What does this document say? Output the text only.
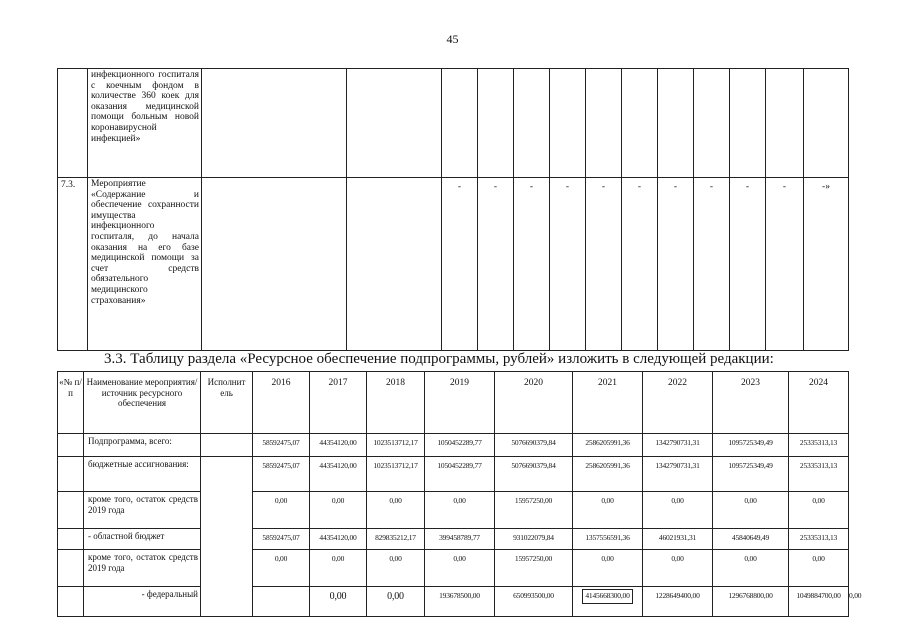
45
	инфекционного госпиталя с коечным фондом в количестве 360 коек для оказания медицинской помощи больным новой коронавирусной инфекцией»													
7.3.	Мероприятие «Содержание и обеспечение сохранности имущества инфекционного госпиталя, до начала оказания на его базе медицинской помощи за счет средств обязательного медицинского страхования»			-	-	-	-	-	-	-	-	-	-	-»
3.3. Таблицу раздела «Ресурсное обеспечение подпрограммы, рублей» изложить в следующей редакции:
«№ п/п	Наименование мероприятия/источник ресурсного обеспечения	Исполнит ель	2016	2017	2018	2019	2020	2021	2022	2023	2024	
	Подпрограмма, всего:		58592475,07	44354120,00	1023513712,17	1050452289,77	5076690379,84	2586205991,36	1342790731,31	1095725349,49	25335313,13	
	бюджетные ассигнования:		58592475,07	44354120,00	1023513712,17	1050452289,77	5076690379,84	2586205991,36	1342790731,31	1095725349,49	25335313,13	
	кроме того, остаток средств 2019 года		0,00	0,00	0,00	0,00	15957250,00	0,00	0,00	0,00	0,00	
	- областной бюджет		58592475,07	44354120,00	829835212,17	399458789,77	931022079,84	1357556591,36	46021931,31	45840649,49	25335313,13	
	кроме того, остаток средств 2019 года		0,00	0,00	0,00	0,00	15957250,00	0,00	0,00	0,00	0,00	
	- федеральный			0,00	0,00	193678500,00	650993500,00	4145668300,00	1228649400,00	1296768800,00	1049884700,00	0,00
